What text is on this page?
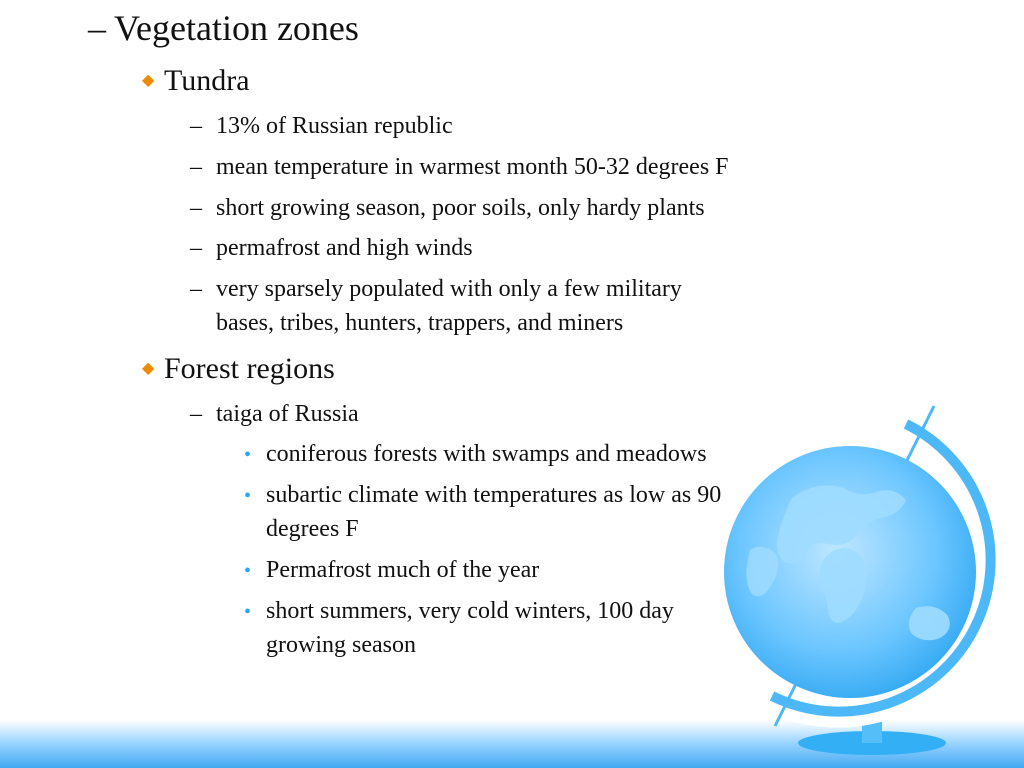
– Vegetation zones
◆ Tundra
– 13% of Russian republic
– mean temperature in warmest month 50-32 degrees F
– short growing season, poor soils, only hardy plants
– permafrost and high winds
– very sparsely populated with only a few military
bases, tribes, hunters, trappers, and miners
◆ Forest regions
– taiga of Russia
• coniferous forests with swamps and meadows
• subartic climate with temperatures as low as 90
degrees F
• Permafrost much of the year
• short summers, very cold winters, 100 day
growing season
